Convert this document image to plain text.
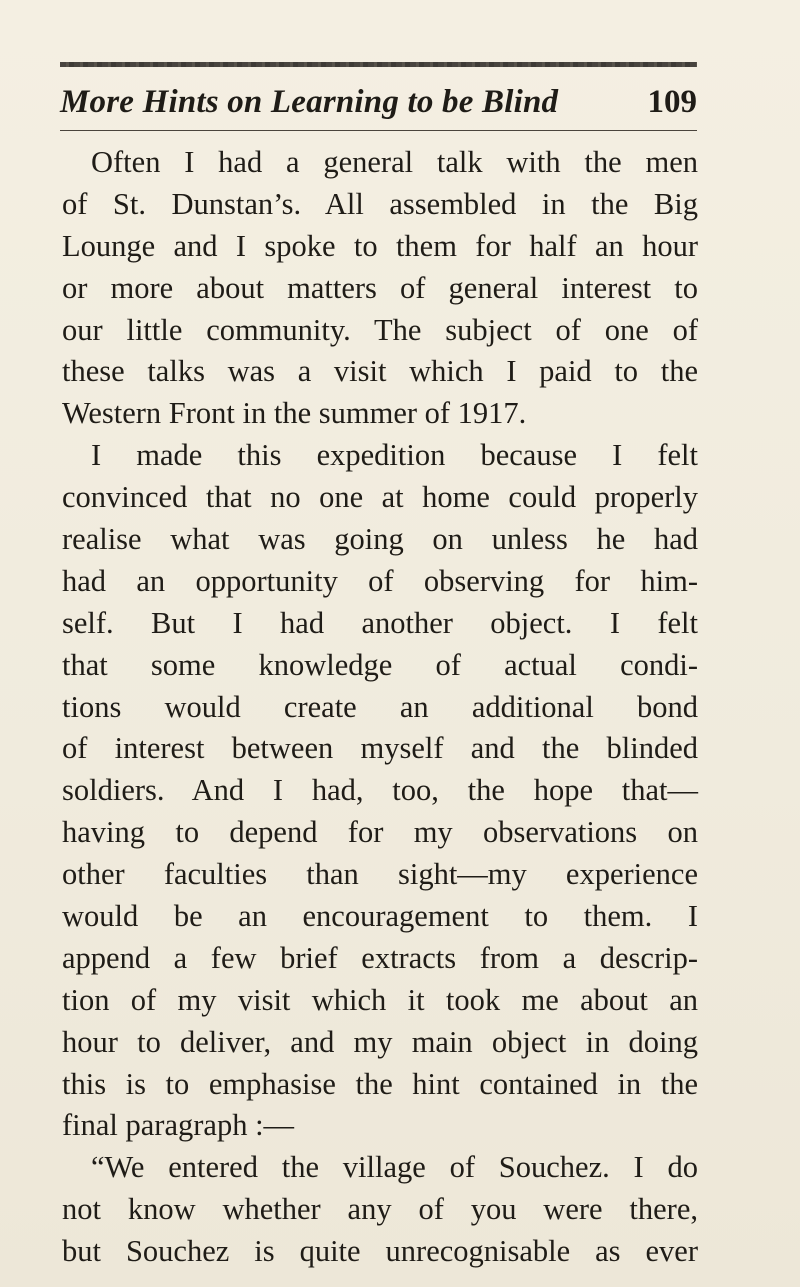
More Hints on Learning to be Blind	109
Often I had a general talk with the men
of St. Dunstan’s. All assembled in the Big
Lounge and I spoke to them for half an hour
or more about matters of general interest to
our little community. The subject of one of
these talks was a visit which I paid to the
Western Front in the summer of 1917.
I made this expedition because I felt
convinced that no one at home could properly
realise what was going on unless he had
had an opportunity of observing for him-
self. But I had another object. I felt
that some knowledge of actual condi-
tions would create an additional bond
of interest between myself and the blinded
soldiers. And I had, too, the hope that—
having to depend for my observations on
other faculties than sight—my experience
would be an encouragement to them. I
append a few brief extracts from a descrip-
tion of my visit which it took me about an
hour to deliver, and my main object in doing
this is to emphasise the hint contained in the
final paragraph :—
“We entered the village of Souchez. I do
not know whether any of you were there,
but Souchez is quite unrecognisable as ever
